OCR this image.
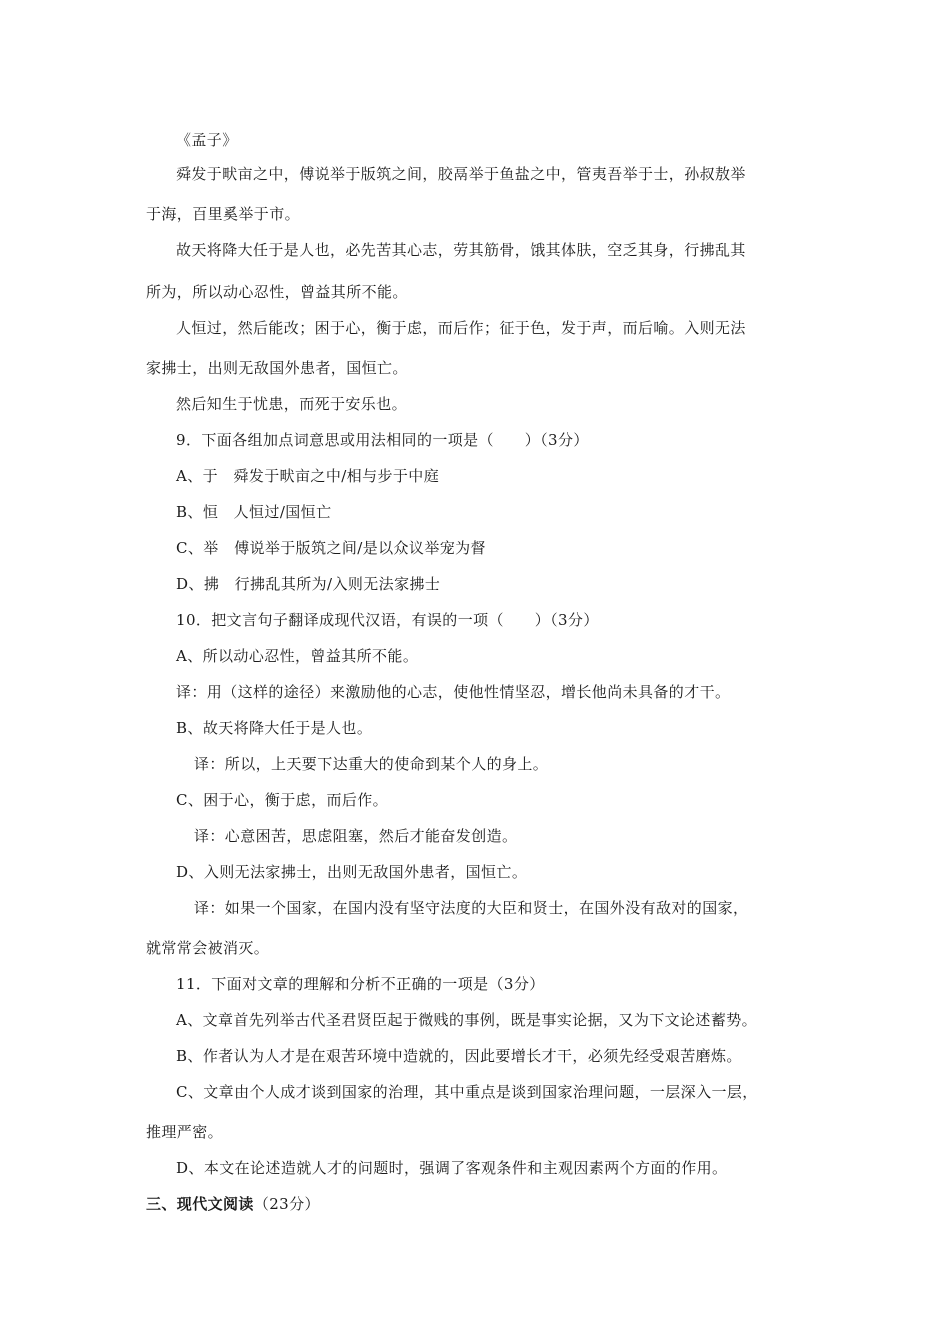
《孟子》
舜发于畎亩之中，傅说举于版筑之间，胶鬲举于鱼盐之中，管夷吾举于士，孙叔敖举
于海，百里奚举于市。
故天将降大任于是人也，必先苦其心志，劳其筋骨，饿其体肤，空乏其身，行拂乱其
所为，所以动心忍性，曾益其所不能。
人恒过，然后能改；困于心，衡于虑，而后作；征于色，发于声，而后喻。入则无法
家拂士，出则无敌国外患者，国恒亡。
然后知生于忧患，而死于安乐也。
9．下面各组加点词意思或用法相同的一项是（　　）（3分）
A、于　舜发于畎亩之中/相与步于中庭
B、恒　人恒过/国恒亡
C、举　傅说举于版筑之间/是以众议举宠为督
D、拂　行拂乱其所为/入则无法家拂士
10．把文言句子翻译成现代汉语，有误的一项（　　）（3分）
A、所以动心忍性，曾益其所不能。
译：用（这样的途径）来激励他的心志，使他性情坚忍，增长他尚未具备的才干。
B、故天将降大任于是人也。
译：所以，上天要下达重大的使命到某个人的身上。
C、困于心，衡于虑，而后作。
译：心意困苦，思虑阻塞，然后才能奋发创造。
D、入则无法家拂士，出则无敌国外患者，国恒亡。
译：如果一个国家，在国内没有坚守法度的大臣和贤士，在国外没有敌对的国家，
就常常会被消灭。
11．下面对文章的理解和分析不正确的一项是（3分）
A、文章首先列举古代圣君贤臣起于微贱的事例，既是事实论据，又为下文论述蓄势。
B、作者认为人才是在艰苦环境中造就的，因此要增长才干，必须先经受艰苦磨炼。
C、文章由个人成才谈到国家的治理，其中重点是谈到国家治理问题，一层深入一层，
推理严密。
D、本文在论述造就人才的问题时，强调了客观条件和主观因素两个方面的作用。
三、现代文阅读（23分）
